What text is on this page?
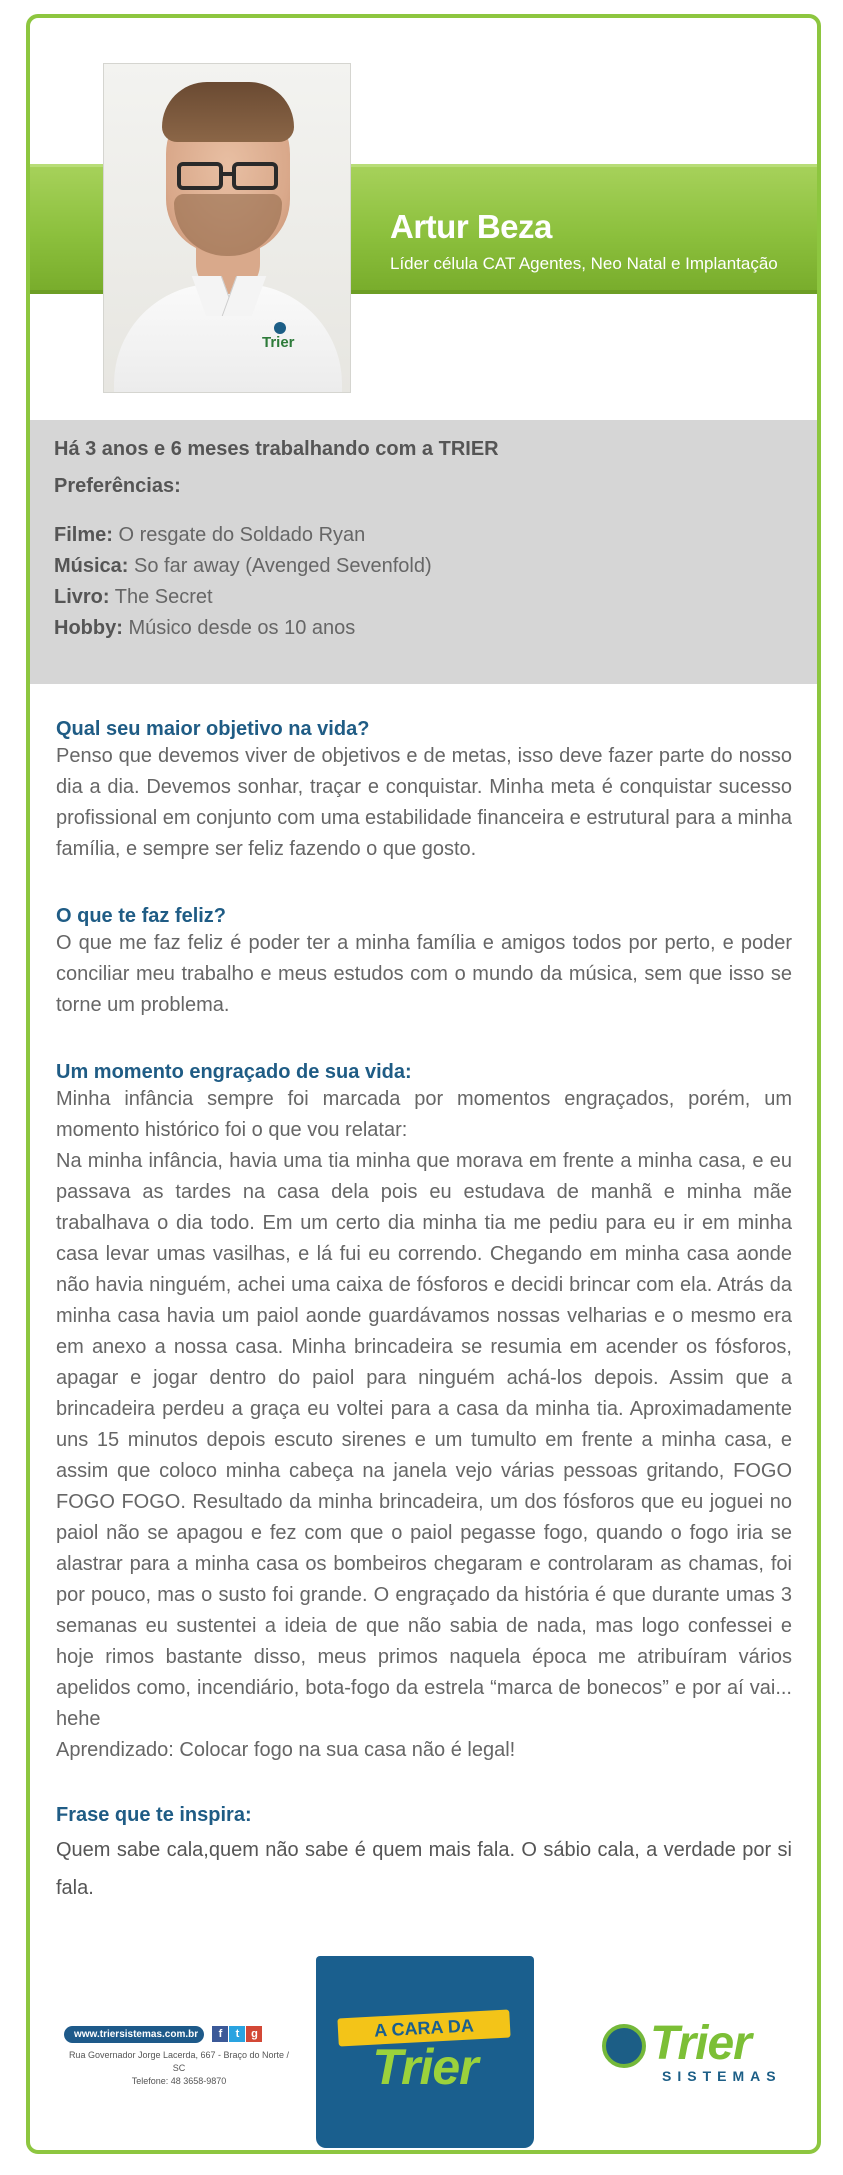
Trier
Artur Beza
Líder célula CAT Agentes, Neo Natal e Implantação
Há 3 anos e 6 meses trabalhando com a TRIER
Preferências:
Filme: O resgate do Soldado Ryan
Música: So far away (Avenged Sevenfold)
Livro: The Secret
Hobby: Músico desde os 10 anos
Qual seu maior objetivo na vida?
Penso que devemos viver de objetivos e de metas, isso deve fazer parte do nosso dia a dia. Devemos sonhar, traçar e conquistar. Minha meta é conquistar sucesso profissional em conjunto com uma estabilidade financeira e estrutural para a minha família, e sempre ser feliz fazendo o que gosto.
O que te faz feliz?
O que me faz feliz é poder ter a minha família e amigos todos por perto, e poder conciliar meu trabalho e meus estudos com o mundo da música, sem que isso se torne um problema.
Um momento engraçado de sua vida:
Minha infância sempre foi marcada por momentos engraçados, porém, um momento histórico foi o que vou relatar:
Na minha infância, havia uma tia minha que morava em frente a minha casa, e eu passava as tardes na casa dela pois eu estudava de manhã e minha mãe trabalhava o dia todo. Em um certo dia minha tia me pediu para eu ir em minha casa levar umas vasilhas, e lá fui eu correndo. Chegando em minha casa aonde não havia ninguém, achei uma caixa de fósforos e decidi brincar com ela. Atrás da minha casa havia um paiol aonde guardávamos nossas velharias e o mesmo era em anexo a nossa casa. Minha brincadeira se resumia em acender os fósforos, apagar e jogar dentro do paiol para ninguém achá-los depois. Assim que a brincadeira perdeu a graça eu voltei para a casa da minha tia. Aproximadamente uns 15 minutos depois escuto sirenes e um tumulto em frente a minha casa, e assim que coloco minha cabeça na janela vejo várias pessoas gritando, FOGO FOGO FOGO. Resultado da minha brincadeira, um dos fósforos que eu joguei no paiol não se apagou e fez com que o paiol pegasse fogo, quando o fogo iria se alastrar para a minha casa os bombeiros chegaram e controlaram as chamas, foi por pouco, mas o susto foi grande. O engraçado da história é que durante umas 3 semanas eu sustentei a ideia de que não sabia de nada, mas logo confessei e hoje rimos bastante disso, meus primos naquela época me atribuíram vários apelidos como, incendiário, bota-fogo da estrela “marca de bonecos” e por aí vai... hehe
Aprendizado: Colocar fogo na sua casa não é legal!
Frase que te inspira:
Quem sabe cala,quem não sabe é quem mais fala. O sábio cala, a verdade por si fala.
www.triersistemas.com.br f t g
Rua Governador Jorge Lacerda, 667 - Braço do Norte / SC
Telefone: 48 3658-9870
A CARA DA
Trier	Trier
SISTEMAS
